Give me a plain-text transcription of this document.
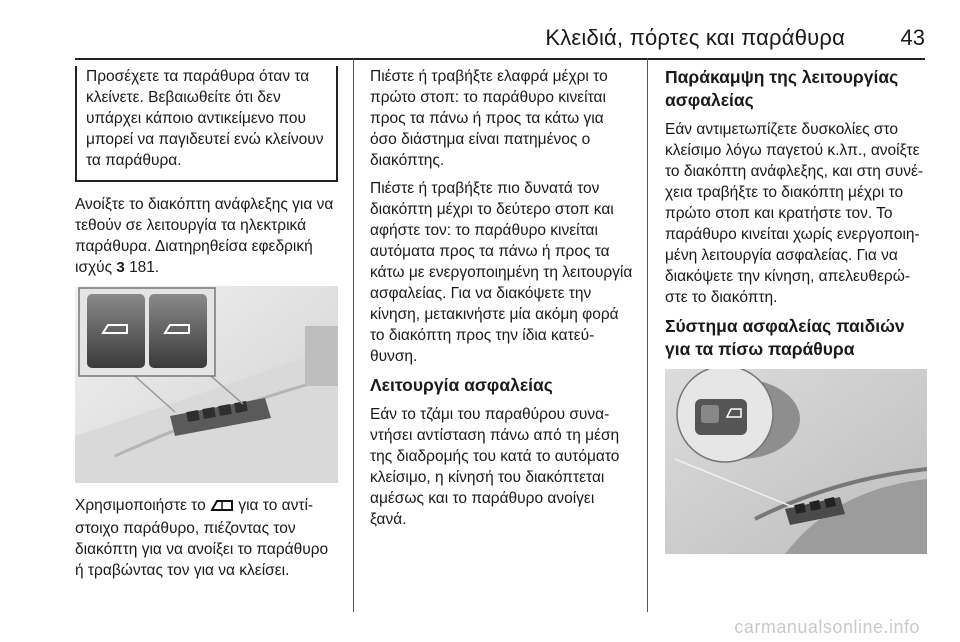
Κλειδιά, πόρτες και παράθυρα	43
Προσέχετε τα παράθυρα όταν τα κλείνετε. Βεβαιωθείτε ότι δεν υπάρχει κάποιο αντικείμενο που μπορεί να παγιδευτεί ενώ κλείνουν τα παράθυρα.
Ανοίξτε το διακόπτη ανάφλεξης για να τεθούν σε λειτουργία τα ηλεκτρικά παράθυρα. Διατηρηθείσα εφεδρική ισχύς 3 181.
Χρησιμοποιήστε το για το αντίστοιχο παράθυρο, πιέζοντας τον διακόπτη για να ανοίξει το παράθυρο ή τραβώντας τον για να κλείσει.
Πιέστε ή τραβήξτε ελαφρά μέχρι το πρώτο στοπ: το παράθυρο κινείται προς τα πάνω ή προς τα κάτω για όσο διάστημα είναι πατημένος ο διακόπτης.
Πιέστε ή τραβήξτε πιο δυνατά τον διακόπτη μέχρι το δεύτερο στοπ και αφήστε τον: το παράθυρο κινείται αυτόματα προς τα πάνω ή προς τα κάτω με ενεργοποιημένη τη λειτουργία ασφαλείας. Για να διακόψετε την κίνηση, μετακινήστε μία ακόμη φορά το διακόπτη προς την ίδια κατεύθυνση.
Λειτουργία ασφαλείας
Εάν το τζάμι του παραθύρου συναντήσει αντίσταση πάνω από τη μέση της διαδρομής του κατά το αυτόματο κλείσιμο, η κίνησή του διακόπτεται αμέσως και το παράθυρο ανοίγει ξανά.
Παράκαμψη της λειτουργίας ασφαλείας
Εάν αντιμετωπίζετε δυσκολίες στο κλείσιμο λόγω παγετού κ.λπ., ανοίξτε το διακόπτη ανάφλεξης, και στη συνέχεια τραβήξτε το διακόπτη μέχρι το πρώτο στοπ και κρατήστε τον. Το παράθυρο κινείται χωρίς ενεργοποιημένη λειτουργία ασφαλείας. Για να διακόψετε την κίνηση, απελευθερώστε το διακόπτη.
Σύστημα ασφαλείας παιδιών για τα πίσω παράθυρα
carmanualsonline.info
